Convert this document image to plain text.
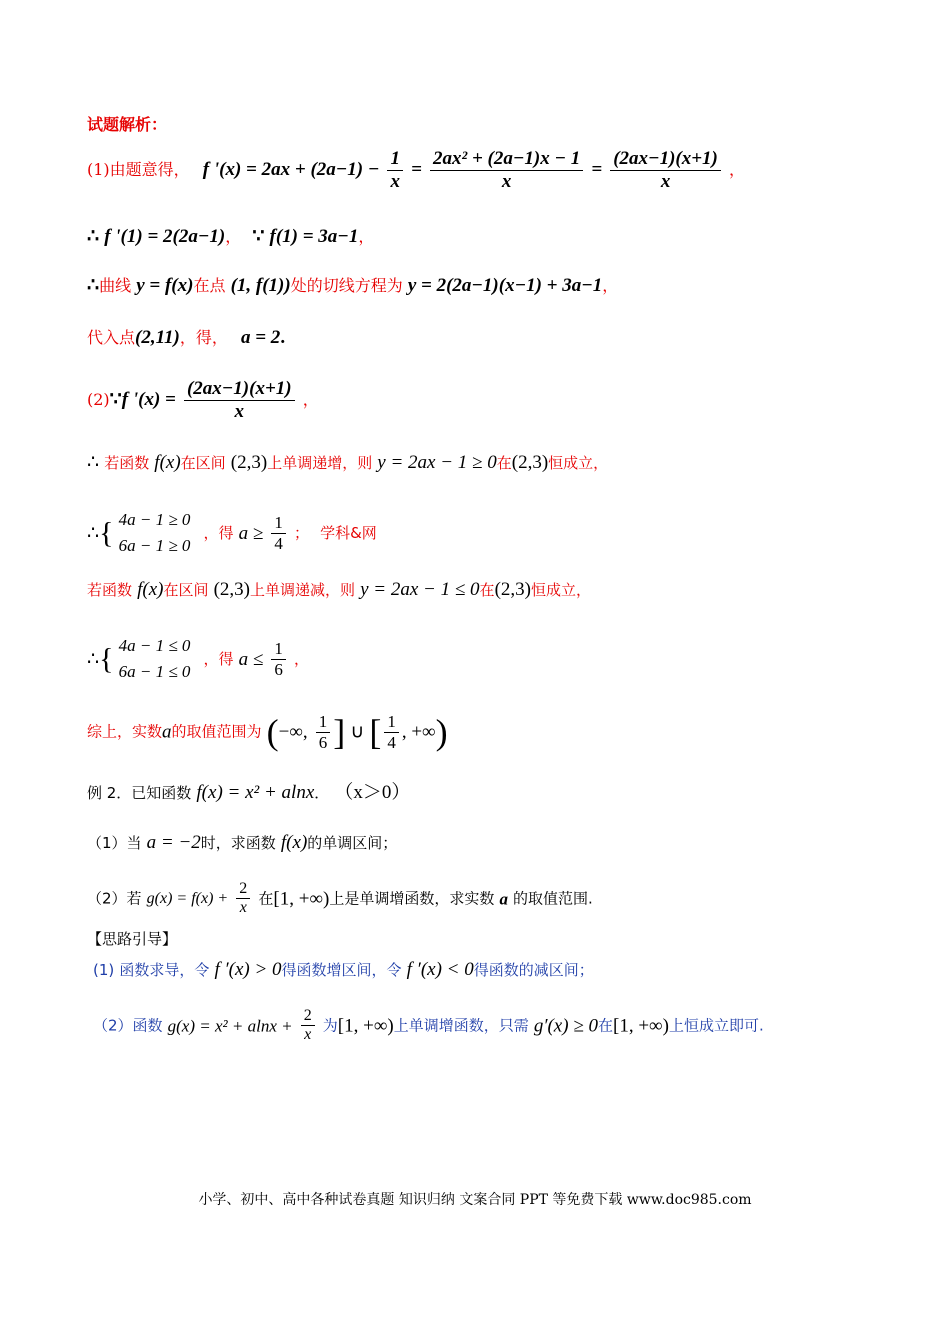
试题解析：
(1)由题意得， f '$(x) = 2ax + (2a-1) - \frac{1}{x} = \frac{\text{2ax² + (2a−1)x − 1}}{x} = \frac{(2ax-1)(x+1)}{x}$ ，
∴ f '(1) = 2(2a−1)， ∵ f(1) = 3a−1，
∴曲线 y = f(x)在点 (1, f(1))处的切线方程为 y = 2(2a−1)(x−1) + 3a−1，
代入点(2,11)，得， a = 2.
(2)∵f '$(x) = \frac{(2ax-1)(x+1)}{x}$ ，
∴ 若函数 f(x)在区间 (2,3)上单调递增，则 y = 2ax − 1 ≥ 0在(2,3)恒成立，
∴{ 4a − 1 ≥ 0
6a − 1 ≥ 0
，得 $a \ge \frac{1}{4}$ ； 学科&网
若函数 f(x)在区间 (2,3)上单调递减，则 y = 2ax − 1 ≤ 0在(2,3)恒成立，
∴{ 4a − 1 ≤ 0
6a − 1 ≤ 0
，得 $a \le \frac{1}{6}$ ，
综上，实数a的取值范围为 (−∞, $\frac{1}{6}$ ] ∪ [ $\frac{1}{4}$ , +∞)
例 2．已知函数 f(x) = x² + alnx． （x＞0）
（1）当 a = −2时，求函数 f(x)的单调区间；
（2）若 $g(x) = f(x) + \frac{2}{x}$ 在[1, +∞)上是单调增函数，求实数 a 的取值范围.
【思路引导】
(1) 函数求导，令 f ′(x) > 0得函数增区间，令 f ′(x) < 0得函数的减区间；
（2）函数 $g(x) = x^2 + alnx + \frac{2}{x}$ 为[1, +∞)上单调增函数，只需 g′(x) ≥ 0在[1, +∞)上恒成立即可.
小学、初中、高中各种试卷真题 知识归纳 文案合同 PPT 等免费下载 www.doc985.com
